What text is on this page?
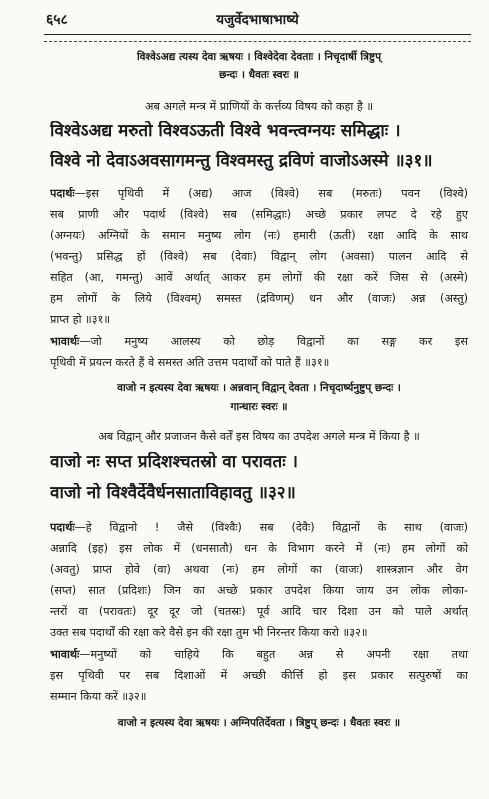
६५८	यजुर्वेदभाषाभाष्ये
विश्वेऽअद्य त्यस्य देवा ऋषयः । विश्वेदेवा देवताः । निचृदार्षी त्रिष्टुप्
छन्दः । धैवतः स्वरः ॥
अब अगले मन्त्र में प्राणियों के कर्त्तव्य विषय को कहा है ॥
विश्वेऽअद्य मरुतो विश्वऽऊती विश्वे भवन्त्वग्नयः समिद्धाः ।
विश्वे नो देवाऽअवसागमन्तु विश्वमस्तु द्रविणं वाजोऽअस्मे ॥३१॥
पदार्थः—इस पृथिवी में (अद्य) आज (विश्वे) सब (मरुतः) पवन (विश्वे)
सब प्राणी और पदार्थ (विश्वे) सब (समिद्धाः) अच्छे प्रकार लपट दे रहे हुए
(अग्नयः) अग्नियों के समान मनुष्य लोग (नः) हमारी (ऊती) रक्षा आदि के साथ
(भवन्तु) प्रसिद्ध हों (विश्वे) सब (देवाः) विद्वान् लोग (अवसा) पालन आदि से
सहित (आ, गमन्तु) आवें अर्थात् आकर हम लोगों की रक्षा करें जिस से (अस्मे)
हम लोगों के लिये (विश्वम्) समस्त (द्रविणम्) धन और (वाजः) अन्न (अस्तु)
प्राप्त हो ॥३१॥
भावार्थः—जो मनुष्य आलस्य को छोड़ विद्वानों का सङ्ग कर इस
पृथिवी में प्रयत्न करते हैं वे समस्त अति उत्तम पदार्थों को पाते हैं ॥३१॥
वाजो न इत्यस्य देवा ऋषयः । अन्नवान् विद्वान् देवता । निचृदार्ष्यनुष्टुप् छन्दः ।
गान्धारः स्वरः ॥
अब विद्वान् और प्रजाजन कैसे वर्तें इस विषय का उपदेश अगले मन्त्र में किया है ॥
वाजो नः सप्त प्रदिशश्चतस्रो वा परावतः ।
वाजो नो विश्वैर्देवैर्धनसाताविहावतु ॥३२॥
पदार्थः—हे विद्वानो ! जैसे (विश्वैः) सब (देवैः) विद्वानों के साथ (वाजः)
अन्नादि (इह) इस लोक में (धनसातौ) धन के विभाग करने में (नः) हम लोगों को
(अवतु) प्राप्त होवे (वा) अथवा (नः) हम लोगों का (वाजः) शास्त्रज्ञान और वेग
(सप्त) सात (प्रदिशः) जिन का अच्छे प्रकार उपदेश किया जाय उन लोक लोका-
न्तरों वा (परावतः) दूर दूर जो (चतस्रः) पूर्व आदि चार दिशा उन को पाले अर्थात्
उक्त सब पदार्थों की रक्षा करे वैसे इन की रक्षा तुम भी निरन्तर किया करो ॥३२॥
भावार्थः—मनुष्यों को चाहिये कि बहुत अन्न से अपनी रक्षा तथा
इस पृथिवी पर सब दिशाओं में अच्छी कीर्त्ति हो इस प्रकार सत्पुरुषों का
सम्मान किया करें ॥३२॥
वाजो न इत्यस्य देवा ऋषयः । अग्निपतिर्देवता । त्रिष्टुप् छन्दः । धैवतः स्वरः ॥
